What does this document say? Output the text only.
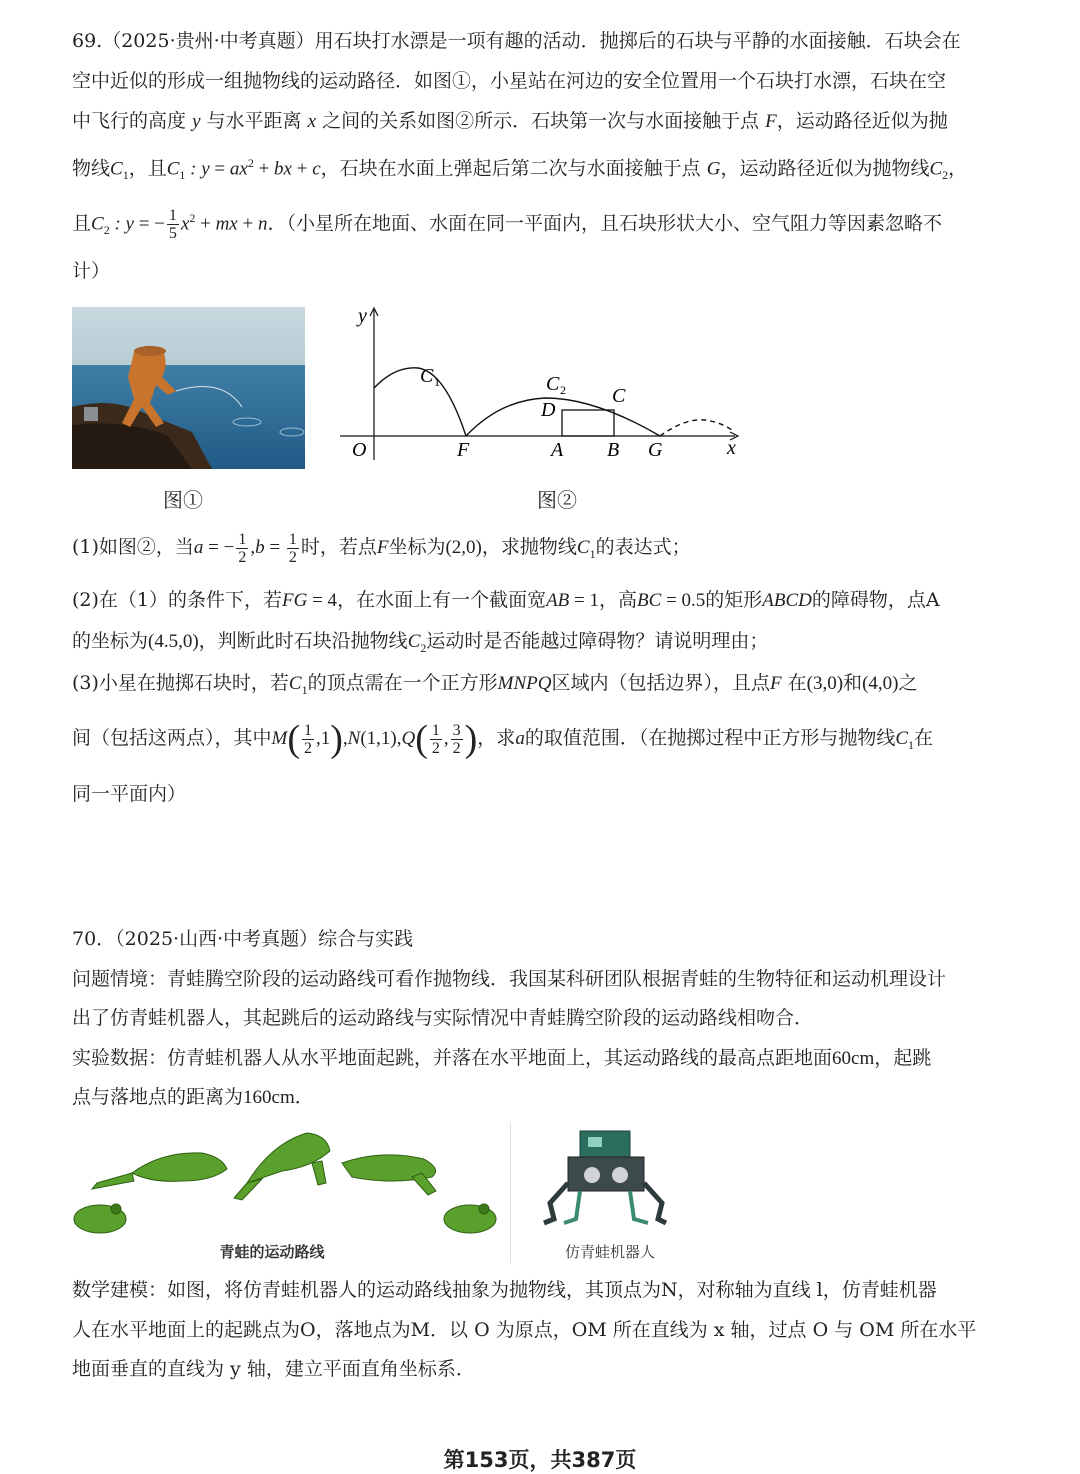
69.（2025·贵州·中考真题）用石块打水漂是一项有趣的活动．抛掷后的石块与平静的水面接触．石块会在
空中近似的形成一组抛物线的运动路径．如图①，小星站在河边的安全位置用一个石块打水漂，石块在空
中飞行的高度 y 与水平距离 x 之间的关系如图②所示．石块第一次与水面接触于点 F，运动路径近似为抛
物线$C_1$，且$C_1$ : $y = ax^2$ + bx + c，石块在水面上弹起后第二次与水面接触于点 G，运动路径近似为抛物线$C_2$，
且$C_2$ : y = − $\frac{1}{5} x^2$ + mx + n．（小星所在地面、水面在同一平面内，且石块形状大小、空气阻力等因素忽略不
计）
图①
y
x
O	F	A B G
C 1	C 2 C
D
图②
(1)如图②，当a = − $\frac{1}{2} ,b = \frac{1}{2}$ 时，若点F坐标为(2,0)，求抛物线$C_1$的表达式；
(2)在（1）的条件下，若FG = 4，在水面上有一个截面宽AB = 1，高BC = 0.5的矩形ABCD的障碍物，点A
的坐标为(4.5,0)，判断此时石块沿抛物线$C_2$运动时是否能越过障碍物？请说明理由；
(3)小星在抛掷石块时，若$C_1$的顶点需在一个正方形MNPQ区域内（包括边界），且点F 在(3,0)和(4,0)之
间（包括这两点），其中$M( \frac{1}{2} ,1),N(1,1),Q( \frac{1}{2}$ , $\frac{3}{2}$ )，求a的取值范围．（在抛掷过程中正方形与抛物线$C_1$在
同一平面内）
70．（2025·山西·中考真题）综合与实践
问题情境：青蛙腾空阶段的运动路线可看作抛物线．我国某科研团队根据青蛙的生物特征和运动机理设计
出了仿青蛙机器人，其起跳后的运动路线与实际情况中青蛙腾空阶段的运动路线相吻合．
实验数据：仿青蛙机器人从水平地面起跳，并落在水平地面上，其运动路线的最高点距地面60cm，起跳
点与落地点的距离为160cm．
青蛙的运动路线	仿青蛙机器人
数学建模：如图，将仿青蛙机器人的运动路线抽象为抛物线，其顶点为N，对称轴为直线 l，仿青蛙机器
人在水平地面上的起跳点为O，落地点为M．以 O 为原点，OM 所在直线为 x 轴，过点 O 与 OM 所在水平
地面垂直的直线为 y 轴，建立平面直角坐标系．
第153页，共387页
